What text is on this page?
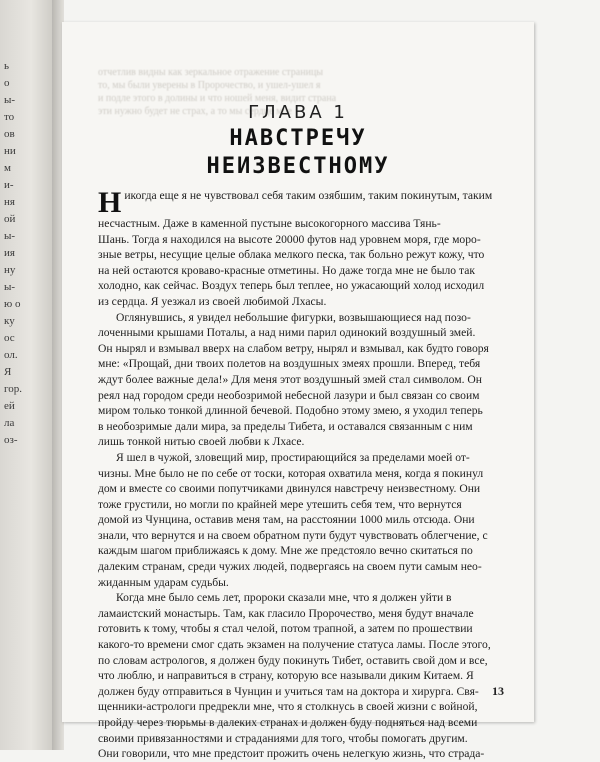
ь
о
ы-
то
ов
ни
м
и-
ня
ой
ы-
ия
ну
ы-
ю о
ку
ос
ол.
Я
гор.
ей
ла
оз-
отчетлив видны как зеркальное отражение страницы
то, мы были уверены в Пророчество, и ушел-ушел я
и подле этого в долины и что ношей меня, видит страна
эти нужно будет не страх, а то мы сердце мое
ГЛАВА 1
НАВСТРЕЧУ
НЕИЗВЕСТНОМУ
Никогда еще я не чувствовал себя таким озябшим, таким покинутым, таким
несчастным. Даже в каменной пустыне высокогорного массива Тянь-
Шань. Тогда я находился на высоте 20000 футов над уровнем моря, где моро-
зные ветры, несущие целые облака мелкого песка, так больно режут кожу, что
на ней остаются кроваво-красные отметины. Но даже тогда мне не было так
холодно, как сейчас. Воздух теперь был теплее, но ужасающий холод исходил
из сердца. Я уезжал из своей любимой Лхасы.
Оглянувшись, я увидел небольшие фигурки, возвышающиеся над позо-
лоченными крышами Поталы, а над ними парил одинокий воздушный змей.
Он нырял и взмывал вверх на слабом ветру, нырял и взмывал, как будто говоря
мне: «Прощай, дни твоих полетов на воздушных змеях прошли. Вперед, тебя
ждут более важные дела!» Для меня этот воздушный змей стал символом. Он
реял над городом среди необозримой небесной лазури и был связан со своим
миром только тонкой длинной бечевой. Подобно этому змею, я уходил теперь
в необозримые дали мира, за пределы Тибета, и оставался связанным с ним
лишь тонкой нитью своей любви к Лхасе.
Я шел в чужой, зловещий мир, простирающийся за пределами моей от-
чизны. Мне было не по себе от тоски, которая охватила меня, когда я покинул
дом и вместе со своими попутчиками двинулся навстречу неизвестному. Они
тоже грустили, но могли по крайней мере утешить себя тем, что вернутся
домой из Чунцина, оставив меня там, на расстоянии 1000 миль отсюда. Они
знали, что вернутся и на своем обратном пути будут чувствовать облегчение, с
каждым шагом приближаясь к дому. Мне же предстояло вечно скитаться по
далеким странам, среди чужих людей, подвергаясь на своем пути самым неo-
жиданным ударам судьбы.
Когда мне было семь лет, пророки сказали мне, что я должен уйти в
ламаистский монастырь. Там, как гласило Пророчество, меня будут вначале
готовить к тому, чтобы я стал челой, потом трапной, а затем по прошествии
какого-то времени смог сдать экзамен на получение статуса ламы. После этого,
по словам астрологов, я должен буду покинуть Тибет, оставить свой дом и все,
что люблю, и направиться в страну, которую все называли диким Китаем. Я
должен буду отправиться в Чунцин и учиться там на доктора и хирурга. Свя-
щенники-астрологи предрекли мне, что я столкнусь в своей жизни с войной,
пройду через тюрьмы в далеких странах и должен буду подняться над всеми
своими привязанностями и страданиями для того, чтобы помогать другим.
Они говорили, что мне предстоит прожить очень нелегкую жизнь, что страда-
13
